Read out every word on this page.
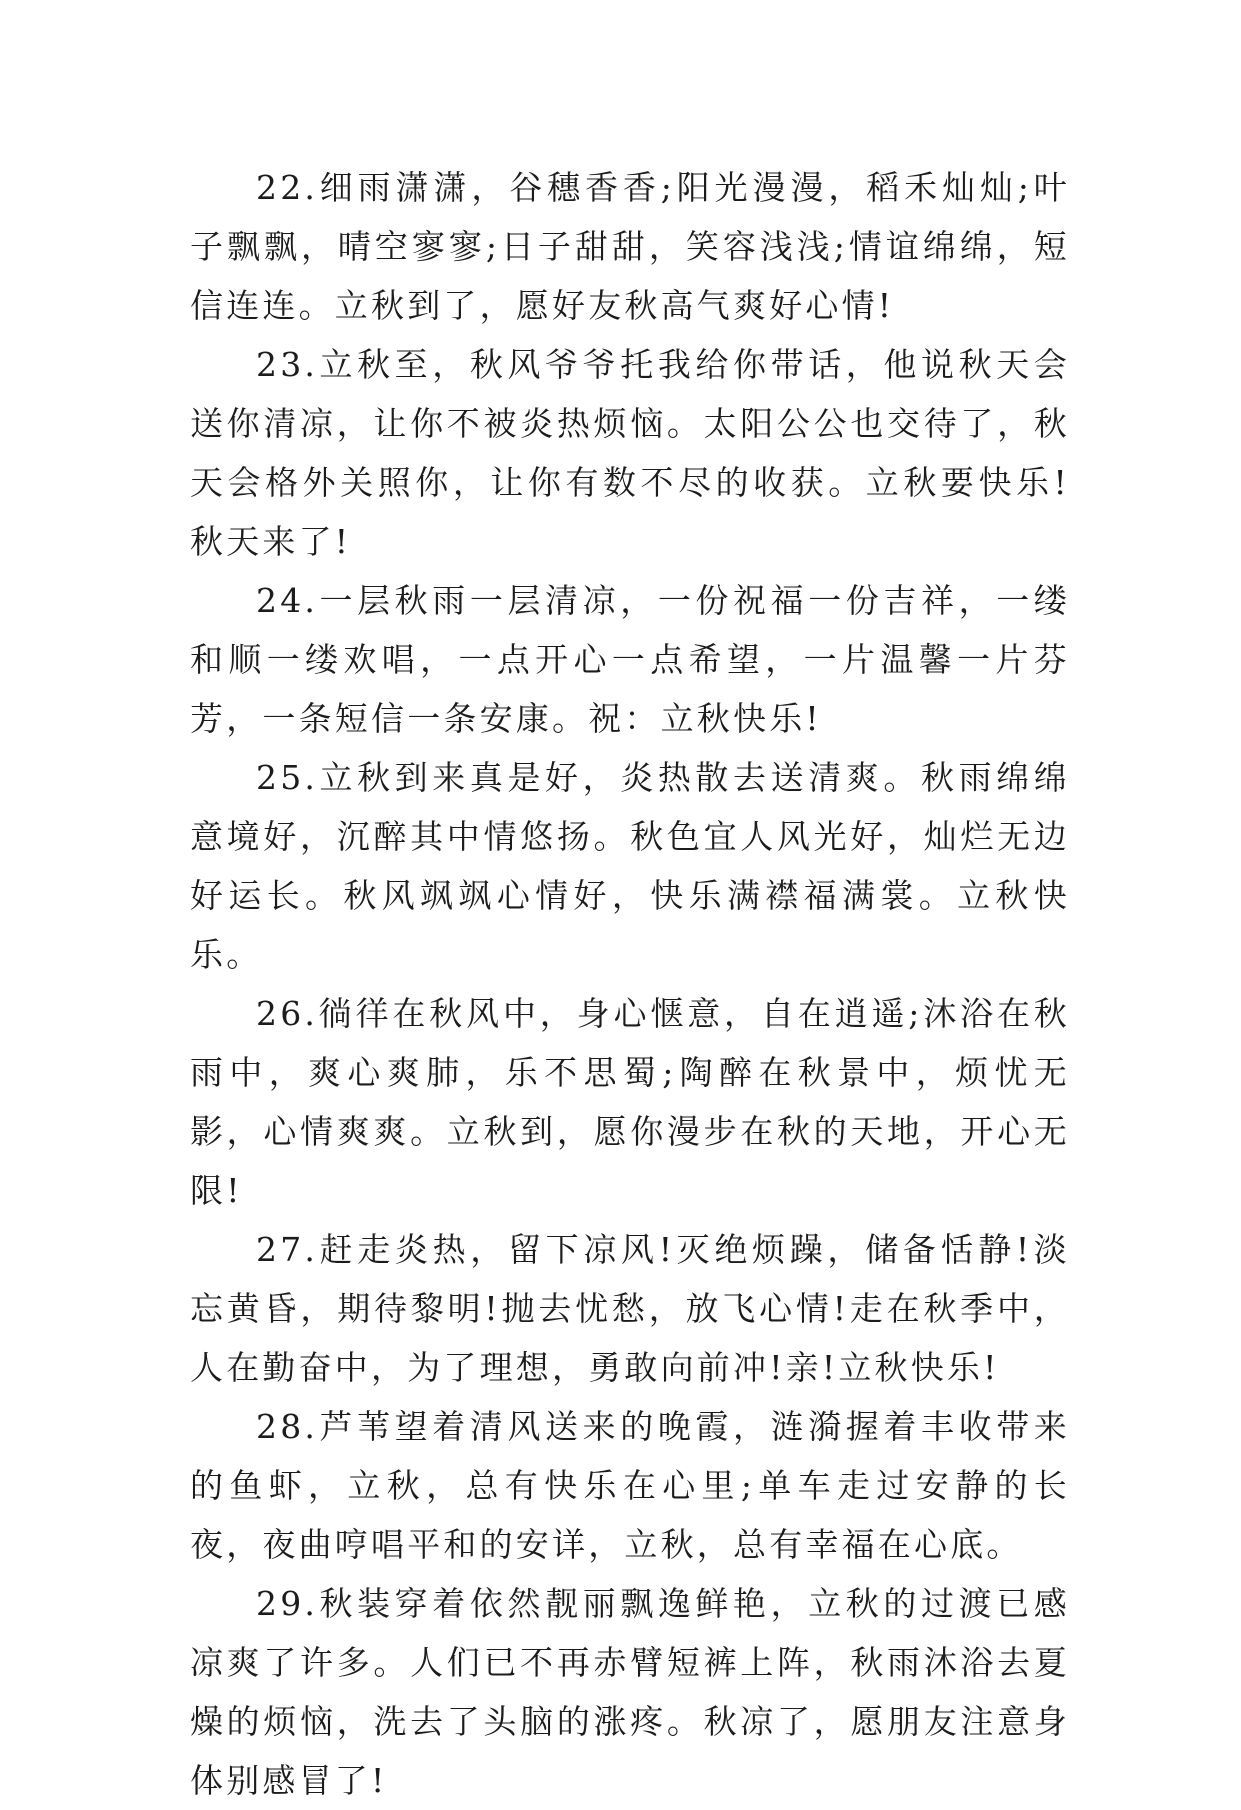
22.细雨潇潇，谷穗香香;阳光漫漫，稻禾灿灿;叶子飘飘，晴空寥寥;日子甜甜，笑容浅浅;情谊绵绵，短信连连。立秋到了，愿好友秋高气爽好心情!

23.立秋至，秋风爷爷托我给你带话，他说秋天会送你清凉，让你不被炎热烦恼。太阳公公也交待了，秋天会格外关照你，让你有数不尽的收获。立秋要快乐!秋天来了!

24.一层秋雨一层清凉，一份祝福一份吉祥，一缕和顺一缕欢唱，一点开心一点希望，一片温馨一片芬芳，一条短信一条安康。祝：立秋快乐!

25.立秋到来真是好，炎热散去送清爽。秋雨绵绵意境好，沉醉其中情悠扬。秋色宜人风光好，灿烂无边好运长。秋风飒飒心情好，快乐满襟福满裳。立秋快乐。

26.徜徉在秋风中，身心惬意，自在逍遥;沐浴在秋雨中，爽心爽肺，乐不思蜀;陶醉在秋景中，烦忧无影，心情爽爽。立秋到，愿你漫步在秋的天地，开心无限!

27.赶走炎热，留下凉风!灭绝烦躁，储备恬静!淡忘黄昏，期待黎明!抛去忧愁，放飞心情!走在秋季中，人在勤奋中，为了理想，勇敢向前冲!亲!立秋快乐!

28.芦苇望着清风送来的晚霞，涟漪握着丰收带来的鱼虾，立秋，总有快乐在心里;单车走过安静的长夜，夜曲哼唱平和的安详，立秋，总有幸福在心底。

29.秋装穿着依然靓丽飘逸鲜艳，立秋的过渡已感凉爽了许多。人们已不再赤臂短裤上阵，秋雨沐浴去夏燥的烦恼，洗去了头脑的涨疼。秋凉了，愿朋友注意身体别感冒了!
